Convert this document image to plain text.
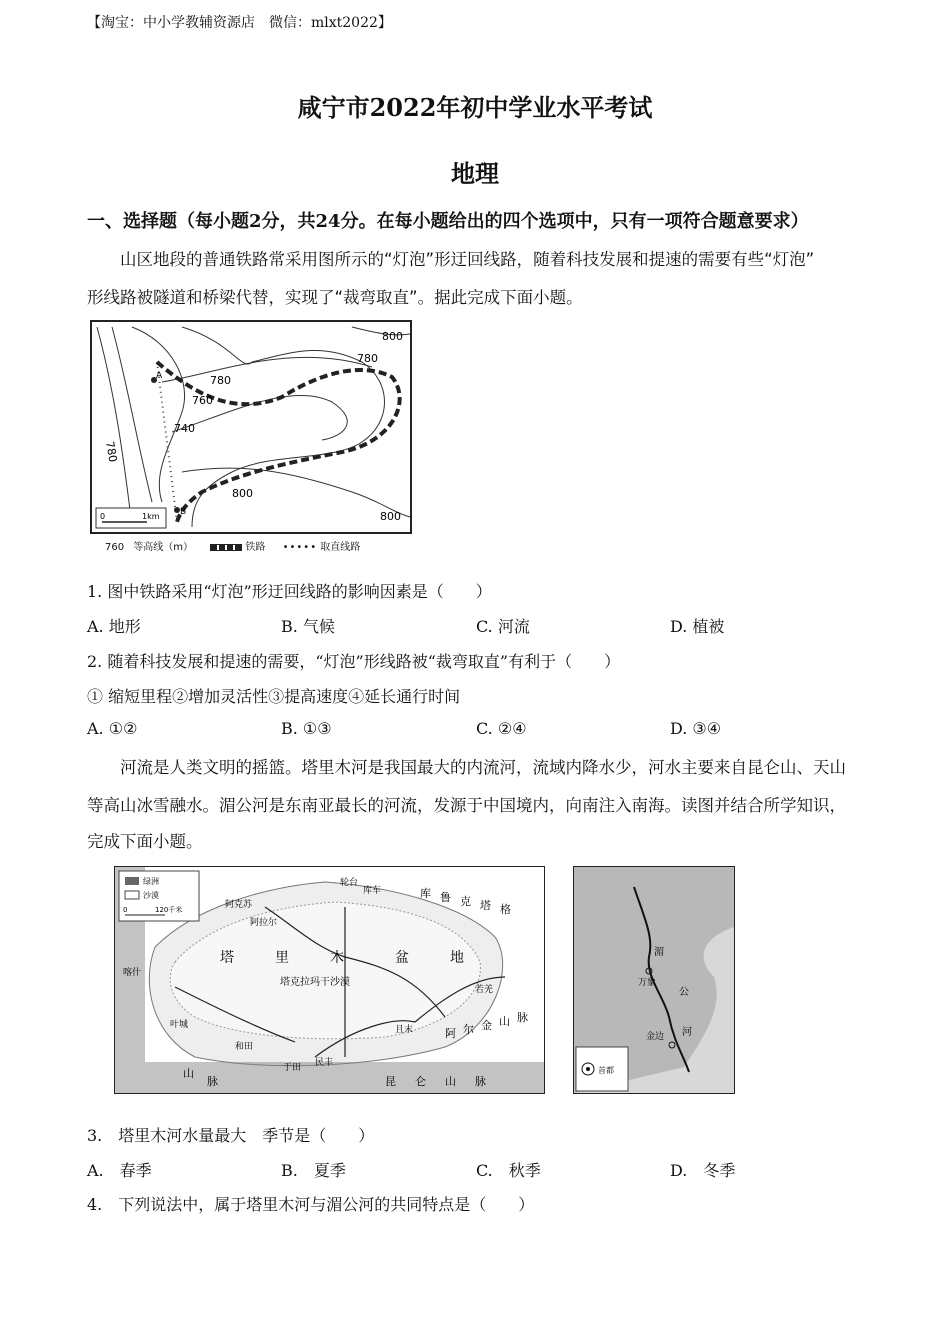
【淘宝：中小学教辅资源店　微信：mlxt2022】
咸宁市2022年初中学业水平考试
地理
一、选择题（每小题2分，共24分。在每小题给出的四个选项中，只有一项符合题意要求）
山区地段的普通铁路常采用图所示的“灯泡”形迂回线路，随着科技发展和提速的需要有些“灯泡”
形线路被隧道和桥梁代替，实现了“裁弯取直”。据此完成下面小题。
A
B
800
780
780
760
740
780
800
800
0	1km
760 等高线（m）	铁路 ••••• 取直线路
1. 图中铁路采用“灯泡”形迂回线路的影响因素是（　　）
A. 地形	B. 气候	C. 河流	D. 植被
2. 随着科技发展和提速的需要，“灯泡”形线路被“裁弯取直”有利于（　　）
① 缩短里程②增加灵活性③提高速度④延长通行时间
A. ①②	B. ①③	C. ②④	D. ③④
河流是人类文明的摇篮。塔里木河是我国最大的内流河，流域内降水少，河水主要来自昆仑山、天山
等高山冰雪融水。湄公河是东南亚最长的河流，发源于中国境内，向南注入南海。读图并结合所学知识，
完成下面小题。
绿洲
沙漠
0	120千米
轮台
库车	库 鲁 克 塔 格
阿克苏
阿拉尔
喀什
塔	里	木	盆	地
塔克拉玛干沙漠
若羌
且末	阿 尔 金 山 脉
叶城
和田
于田 民丰
昆 仑 山 脉
山
脉
湄
公
河
万象
金边
首都
3.　塔里木河水量最大　季节是（　　）
A.　春季	B.　夏季	C.　秋季	D.　冬季
4.　下列说法中，属于塔里木河与湄公河的共同特点是（　　）
